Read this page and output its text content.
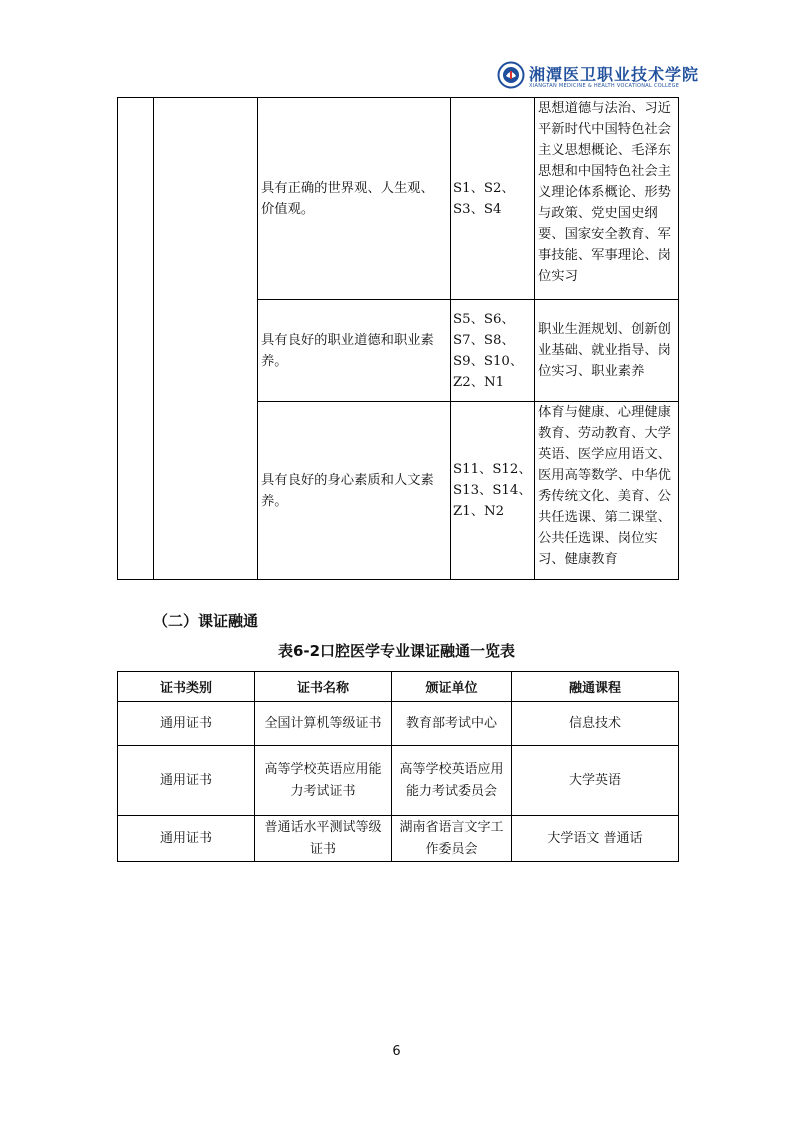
湘潭医卫职业技术学院
XIANGTAN MEDICINE & HEALTH VOCATIONAL COLLEGE
		具有正确的世界观、人生观、价值观。	S1、S2、S3、S4	思想道德与法治、习近平新时代中国特色社会主义思想概论、毛泽东思想和中国特色社会主义理论体系概论、形势与政策、党史国史纲要、国家安全教育、军事技能、军事理论、岗位实习
		具有良好的职业道德和职业素养。	S5、S6、S7、S8、S9、S10、Z2、N1	职业生涯规划、创新创业基础、就业指导、岗位实习、职业素养
		具有良好的身心素质和人文素养。	S11、S12、S13、S14、Z1、N2	体育与健康、心理健康教育、劳动教育、大学英语、医学应用语文、医用高等数学、中华优秀传统文化、美育、公共任选课、第二课堂、公共任选课、岗位实习、健康教育
（二）课证融通
表6-2口腔医学专业课证融通一览表
证书类别	证书名称	颁证单位	融通课程
通用证书	全国计算机等级证书	教育部考试中心	信息技术
通用证书	高等学校英语应用能力考试证书	高等学校英语应用能力考试委员会	大学英语
通用证书	普通话水平测试等级证书	湖南省语言文字工作委员会	大学语文 普通话
6
